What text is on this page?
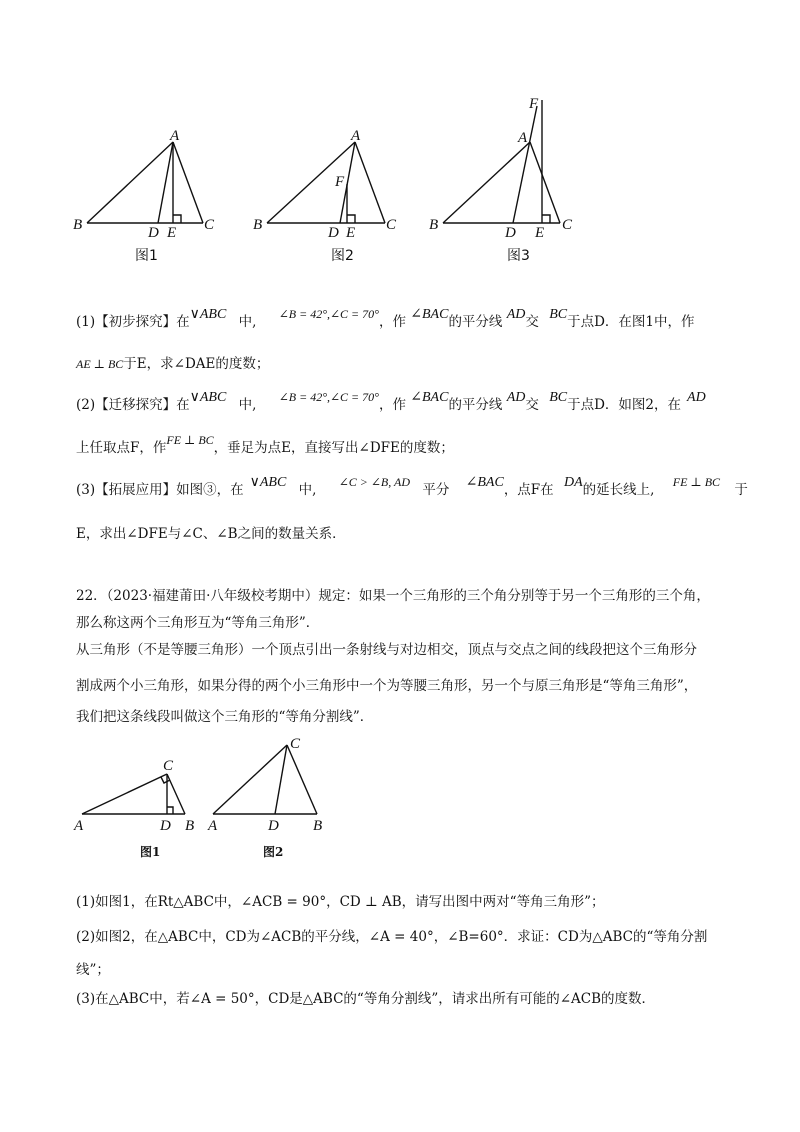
A
B	C
D E
图1
A
B	C
D E
F
图2
F
A
B	C
D E
图3
(1)【初步探究】在∨ABC 中, ∠B = 42°,∠C = 70°，作 ∠BAC的平分线 AD交 BC于点D．在图1中，作
AE ⊥ BC于E，求∠DAE的度数；
(2)【迁移探究】在∨ABC 中, ∠B = 42°,∠C = 70°，作 ∠BAC的平分线 AD交 BC于点D．如图2，在 AD
上任取点F，作FE ⊥ BC，垂足为点E，直接写出∠DFE的度数；
(3)【拓展应用】如图③，在 ∨ABC 中, ∠C > ∠B, AD 平分 ∠BAC，点F在 DA的延长线上, FE ⊥ BC 于
E，求出∠DFE与∠C、∠B之间的数量关系．
22．（2023·福建莆田·八年级校考期中）规定：如果一个三角形的三个角分别等于另一个三角形的三个角，
那么称这两个三角形互为“等角三角形”．
从三角形（不是等腰三角形）一个顶点引出一条射线与对边相交，顶点与交点之间的线段把这个三角形分
割成两个小三角形，如果分得的两个小三角形中一个为等腰三角形，另一个与原三角形是“等角三角形”，
我们把这条线段叫做这个三角形的“等角分割线”．
C
A	D B
图1
C
A	D B
图2
(1)如图1，在Rt△ABC中，∠ACB = 90°，CD ⊥ AB，请写出图中两对“等角三角形”；
(2)如图2，在△ABC中，CD为∠ACB的平分线，∠A = 40°，∠B=60°．求证：CD为△ABC的“等角分割
线”；
(3)在△ABC中，若∠A = 50°，CD是△ABC的“等角分割线”，请求出所有可能的∠ACB的度数．
